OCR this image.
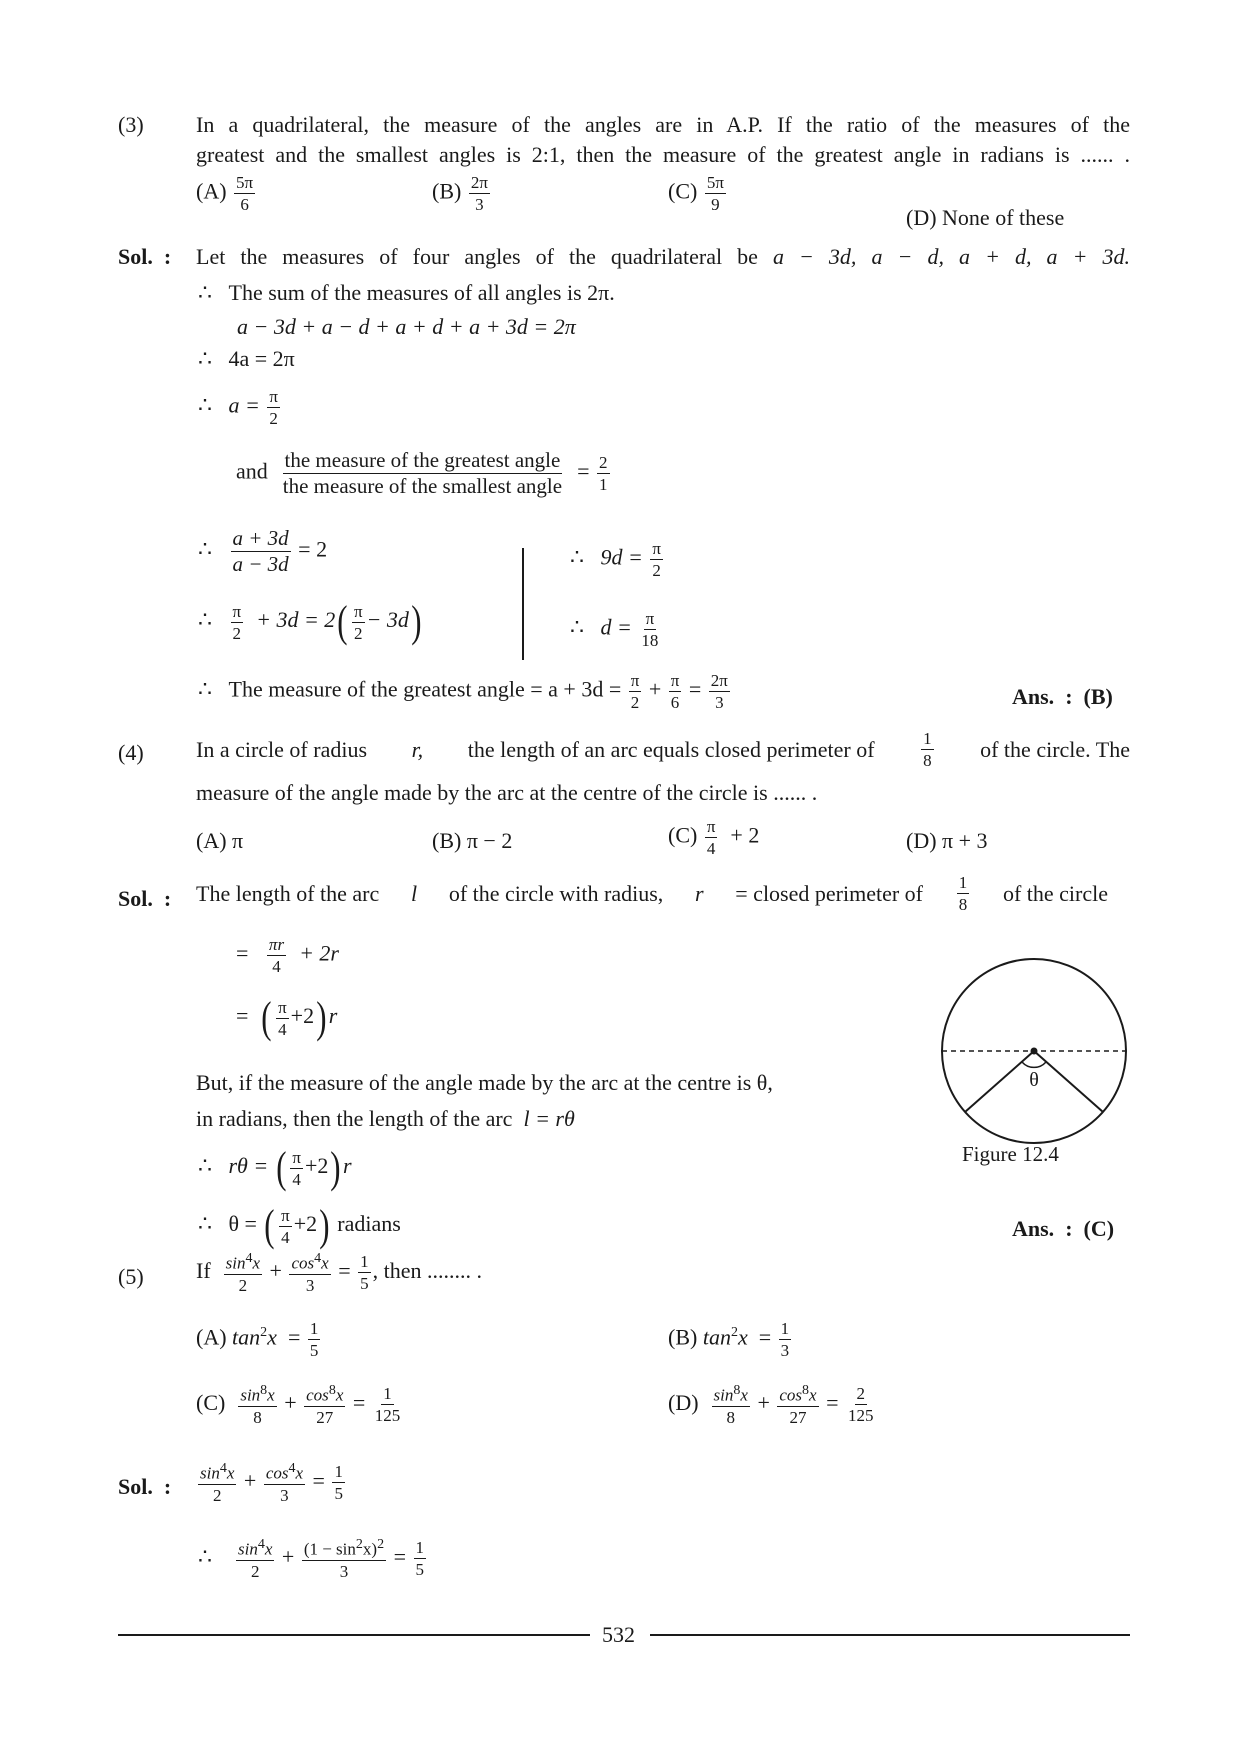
(3) In a quadrilateral, the measure of the angles are in A.P. If the ratio of the measures of the
greatest and the smallest angles is 2:1, then the measure of the greatest angle in radians is ...... .
$(A) \frac{5\pi}{6}$	$(B) \frac{2\pi}{3}$	$(C) \frac{5\pi}{9}$
(D) None of these
Sol. : Let the measures of four angles of the quadrilateral be a − 3d, a − d, a + d, a + 3d.
∴ The sum of the measures of all angles is 2π.
a − 3d + a − d + a + d + a + 3d = 2π
∴ 4a = 2π
∴ $a = \frac{\pi}{2}$
and $\frac{\text{the measure of the greatest angle}}{\text{the measure of the smallest angle}} = \frac{2}{1}$
∴ $\frac{a + 3d}{a - 3d} = 2$	∴ $9d = \frac{\pi}{2}$
∴ $\frac{\pi}{2} + 3d = 2( \frac{\pi}{2} - 3d)$	∴ $d = \frac{\pi}{18}$
∴ The measure of the greatest angle = $a + 3d = \frac{\pi}{2} + \frac{\pi}{6} = \frac{2\pi}{3}$	Ans. : (B)
(4) In a circle of radius r, the length of an arc equals closed perimeter of	$\frac{1}{8}$ of the circle. The
measure of the angle made by the arc at the centre of the circle is ...... .
(A) π	(B) π − 2	$(C) \frac{\pi}{4} + 2$	(D) π + 3
Sol. : The length of the arc l of the circle with radius, r = closed perimeter of $\frac{1}{8}$ of the circle
= $\frac{\pi r}{4} + 2r$
= ( $\frac{\pi}{4} +2)r$
But, if the measure of the angle made by the arc at the centre is θ,
in radians, then the length of the arc l = rθ
∴ rθ = ( $\frac{\pi}{4} +2)r$
∴ θ = ( $\frac{\pi}{4} +2$) radians	Ans. : (C)
θ
Figure 12.4
(5) If $\frac{\sin^4x}{2} + \frac{\cos^4x}{3} = \frac{1}{5}$ , then ........ .
(A) $\tan^2x = \frac{1}{5}$	(B) $\tan^2x = \frac{1}{3}$
$(C) \frac{\sin^8x}{8} + \frac{\cos^8x}{27} = \frac{1}{125}$	$(D) \frac{\sin^8x}{8} + \frac{\cos^8x}{27} = \frac{2}{125}$
Sol. : $\frac{\sin^4x}{2} + \frac{\cos^4x}{3} = \frac{1}{5}$
∴ $\frac{\sin^4x}{2} + \frac{(1 - \sin^2x)^2}{3} = \frac{1}{5}$
532
